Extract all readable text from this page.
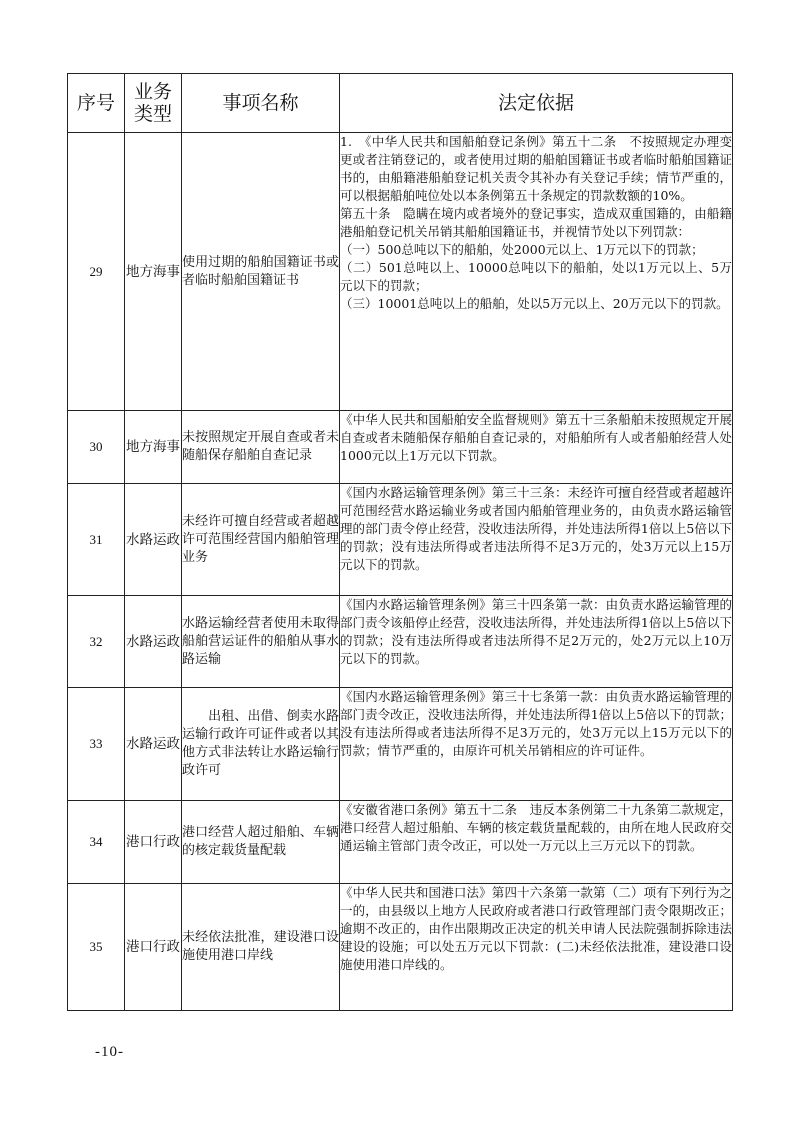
序号	业务类型	事项名称	法定依据
29	地方海事	使用过期的船舶国籍证书或者临时船舶国籍证书	1.　《中华人民共和国船舶登记条例》第五十二条　不按照规定办理变更或者注销登记的，或者使用过期的船舶国籍证书或者临时船舶国籍证书的，由船籍港船舶登记机关责令其补办有关登记手续；情节严重的，可以根据船舶吨位处以本条例第五十条规定的罚款数额的10%。
第五十条　隐瞒在境内或者境外的登记事实，造成双重国籍的，由船籍港船舶登记机关吊销其船舶国籍证书，并视情节处以下列罚款：
（一）500总吨以下的船舶，处2000元以上、1万元以下的罚款；
（二）501总吨以上、10000总吨以下的船舶，处以1万元以上、5万元以下的罚款；
（三）10001总吨以上的船舶，处以5万元以上、20万元以下的罚款。

30	地方海事	未按照规定开展自查或者未随船保存船舶自查记录	《中华人民共和国船舶安全监督规则》第五十三条船舶未按照规定开展自查或者未随船保存船舶自查记录的，对船舶所有人或者船舶经营人处1000元以上1万元以下罚款。

31	水路运政	未经许可擅自经营或者超越许可范围经营国内船舶管理业务	《国内水路运输管理条例》第三十三条：未经许可擅自经营或者超越许可范围经营水路运输业务或者国内船舶管理业务的，由负责水路运输管理的部门责令停止经营，没收违法所得，并处违法所得1倍以上5倍以下的罚款；没有违法所得或者违法所得不足3万元的，处3万元以上15万元以下的罚款。

32	水路运政	水路运输经营者使用未取得船舶营运证件的船舶从事水路运输	《国内水路运输管理条例》第三十四条第一款：由负责水路运输管理的部门责令该船停止经营，没收违法所得，并处违法所得1倍以上5倍以下的罚款；没有违法所得或者违法所得不足2万元的，处2万元以上10万元以下的罚款。

33	水路运政	　　出租、出借、倒卖水路运输行政许可证件或者以其他方式非法转让水路运输行政许可	《国内水路运输管理条例》第三十七条第一款：由负责水路运输管理的部门责令改正，没收违法所得，并处违法所得1倍以上5倍以下的罚款；没有违法所得或者违法所得不足3万元的，处3万元以上15万元以下的罚款；情节严重的，由原许可机关吊销相应的许可证件。

34	港口行政	港口经营人超过船舶、车辆的核定载货量配载	《安徽省港口条例》第五十二条　违反本条例第二十九条第二款规定，港口经营人超过船舶、车辆的核定载货量配载的，由所在地人民政府交通运输主管部门责令改正，可以处一万元以上三万元以下的罚款。

35	港口行政	未经依法批准，建设港口设施使用港口岸线	《中华人民共和国港口法》第四十六条第一款第（二）项有下列行为之一的，由县级以上地方人民政府或者港口行政管理部门责令限期改正；逾期不改正的，由作出限期改正决定的机关申请人民法院强制拆除违法建设的设施；可以处五万元以下罚款：(二)未经依法批准，建设港口设施使用港口岸线的。
-10-
